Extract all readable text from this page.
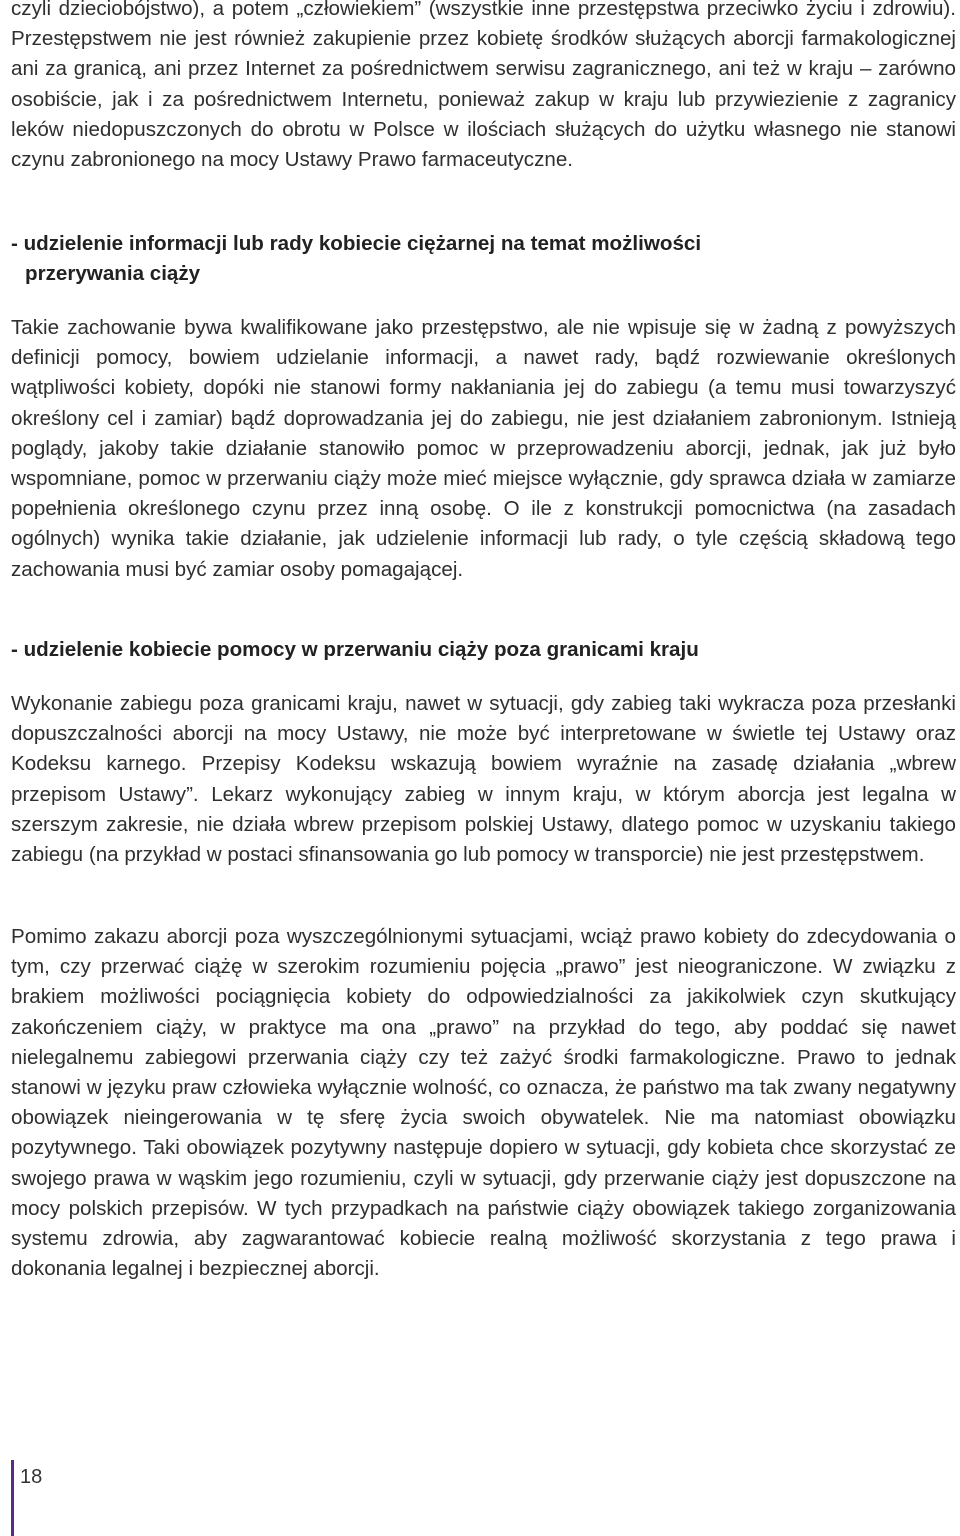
czyli dzieciobójstwo), a potem „człowiekiem” (wszystkie inne przestępstwa przeciwko życiu i zdrowiu). Przestępstwem nie jest również zakupienie przez kobietę środków służących aborcji farmakologicznej ani za granicą, ani przez Internet za pośrednictwem serwisu zagranicznego, ani też w kraju – zarówno osobiście, jak i za pośrednictwem Internetu, ponieważ zakup w kraju lub przywiezienie z zagranicy leków niedopuszczonych do obrotu w Polsce w ilościach służących do użytku własnego nie stanowi czynu zabronionego na mocy Ustawy Prawo farmaceutyczne.

- udzielenie informacji lub rady kobiecie ciężarnej na temat możliwości
przerywania ciąży

Takie zachowanie bywa kwalifikowane jako przestępstwo, ale nie wpisuje się w żadną z powyższych definicji pomocy, bowiem udzielanie informacji, a nawet rady, bądź rozwiewanie określonych wątpliwości kobiety, dopóki nie stanowi formy nakłaniania jej do zabiegu (a temu musi towarzyszyć określony cel i zamiar) bądź doprowadzania jej do zabiegu, nie jest działaniem zabronionym. Istnieją poglądy, jakoby takie działanie stanowiło pomoc w przeprowadzeniu aborcji, jednak, jak już było wspomniane, pomoc w przerwaniu ciąży może mieć miejsce wyłącznie, gdy sprawca działa w zamiarze popełnienia określonego czynu przez inną osobę. O ile z konstrukcji pomocnictwa (na zasadach ogólnych) wynika takie działanie, jak udzielenie informacji lub rady, o tyle częścią składową tego zachowania musi być zamiar osoby pomagającej.

- udzielenie kobiecie pomocy w przerwaniu ciąży poza granicami kraju

Wykonanie zabiegu poza granicami kraju, nawet w sytuacji, gdy zabieg taki wykracza poza przesłanki dopuszczalności aborcji na mocy Ustawy, nie może być interpretowane w świetle tej Ustawy oraz Kodeksu karnego. Przepisy Kodeksu wskazują bowiem wyraźnie na zasadę działania „wbrew przepisom Ustawy”. Lekarz wykonujący zabieg w innym kraju, w którym aborcja jest legalna w szerszym zakresie, nie działa wbrew przepisom polskiej Ustawy, dlatego pomoc w uzyskaniu takiego zabiegu (na przykład w postaci sfinansowania go lub pomocy w transporcie) nie jest przestępstwem.

Pomimo zakazu aborcji poza wyszczególnionymi sytuacjami, wciąż prawo kobiety do zdecydowania o tym, czy przerwać ciążę w szerokim rozumieniu pojęcia „prawo” jest nieograniczone. W związku z brakiem możliwości pociągnięcia kobiety do odpowiedzialności za jakikolwiek czyn skutkujący zakończeniem ciąży, w praktyce ma ona „prawo” na przykład do tego, aby poddać się nawet nielegalnemu zabiegowi przerwania ciąży czy też zażyć środki farmakologiczne. Prawo to jednak stanowi w języku praw człowieka wyłącznie wolność, co oznacza, że państwo ma tak zwany negatywny obowiązek nieingerowania w tę sferę życia swoich obywatelek. Nie ma natomiast obowiązku pozytywnego. Taki obowiązek pozytywny następuje dopiero w sytuacji, gdy kobieta chce skorzystać ze swojego prawa w wąskim jego rozumieniu, czyli w sytuacji, gdy przerwanie ciąży jest dopuszczone na mocy polskich przepisów. W tych przypadkach na państwie ciąży obowiązek takiego zorganizowania systemu zdrowia, aby zagwarantować kobiecie realną możliwość skorzystania z tego prawa i dokonania legalnej i bezpiecznej aborcji.

18
